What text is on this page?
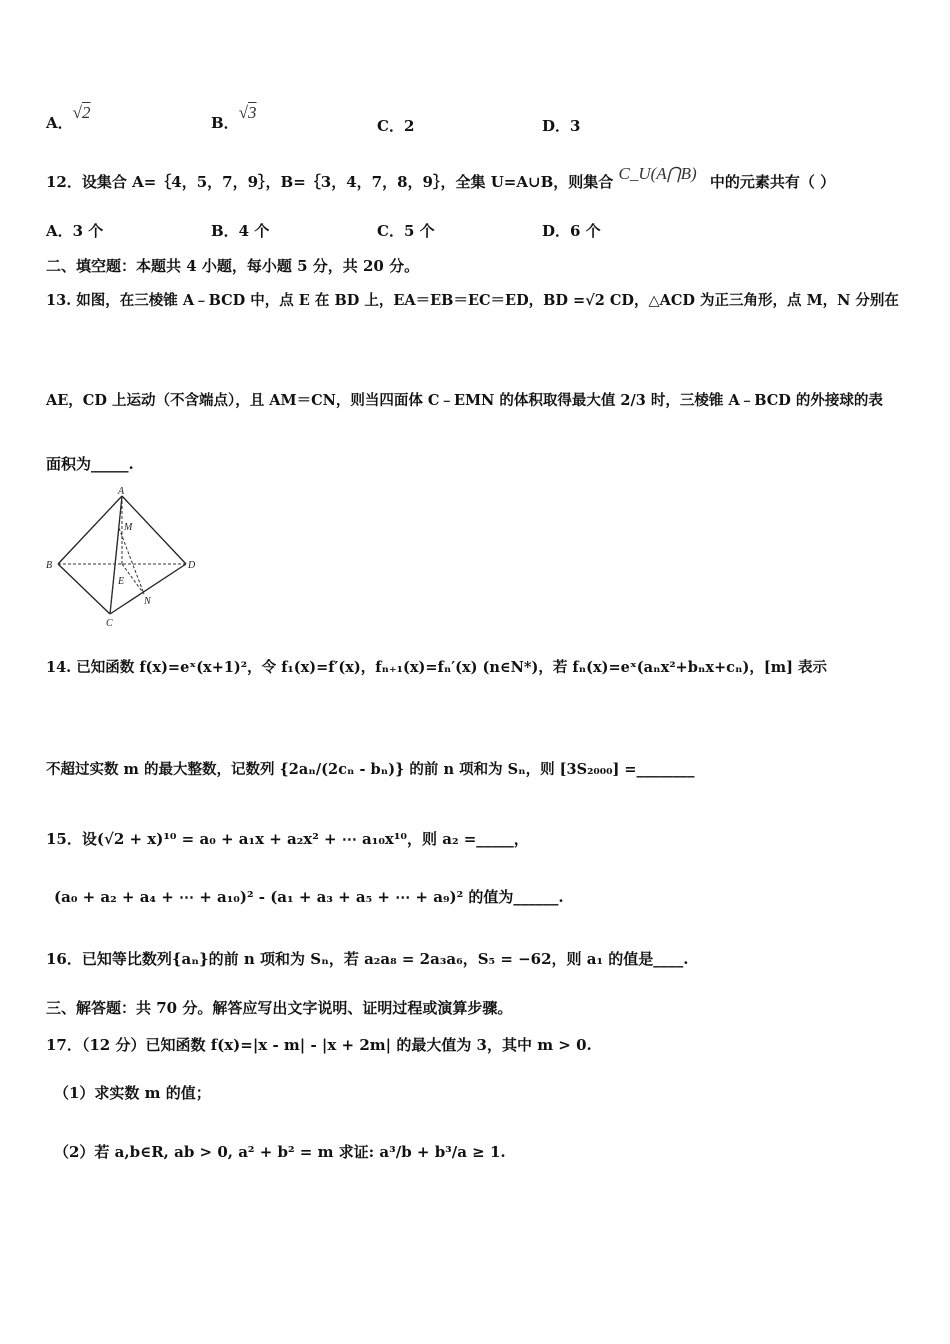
A．√2
B．√3
C．2	D．3
12．设集合 A=｛4，5，7，9｝，B=｛3，4，7，8，9｝，全集 U=A∪B，则集合 C_U(A⋂B) 中的元素共有（ ）
A．3 个	B．4 个	C．5 个	D．6 个
二、填空题：本题共 4 小题，每小题 5 分，共 20 分。
13. 如图，在三棱锥 A﹣BCD 中，点 E 在 BD 上，EA＝EB＝EC＝ED，BD =√2 CD，△ACD 为正三角形，点 M，N 分别在
AE，CD 上运动（不含端点），且 AM＝CN，则当四面体 C﹣EMN 的体积取得最大值 2/3 时，三棱锥 A﹣BCD 的外接球的表
面积为_____.
A
B
C
D
M
E
N
14. 已知函数 f(x)=eˣ(x+1)²，令 f₁(x)=f′(x)，fₙ₊₁(x)=fₙ′(x) (n∈N*)，若 fₙ(x)=eˣ(aₙx²+bₙx+cₙ)，[m] 表示
不超过实数 m 的最大整数，记数列 {2aₙ/(2cₙ - bₙ)} 的前 n 项和为 Sₙ，则 [3S₂₀₀₀] =________
15．设(√2 + x)¹⁰ = a₀ + a₁x + a₂x² + ⋯ a₁₀x¹⁰，则 a₂ =_____，
(a₀ + a₂ + a₄ + ⋯ + a₁₀)² - (a₁ + a₃ + a₅ + ⋯ + a₉)² 的值为______.
16．已知等比数列{aₙ}的前 n 项和为 Sₙ，若 a₂a₈ = 2a₃a₆，S₅ = −62，则 a₁ 的值是____.
三、解答题：共 70 分。解答应写出文字说明、证明过程或演算步骤。
17．（12 分）已知函数 f(x)=|x - m| - |x + 2m| 的最大值为 3，其中 m > 0.
（1）求实数 m 的值；
（2）若 a,b∈R, ab > 0, a² + b² = m 求证: a³/b + b³/a ≥ 1.
